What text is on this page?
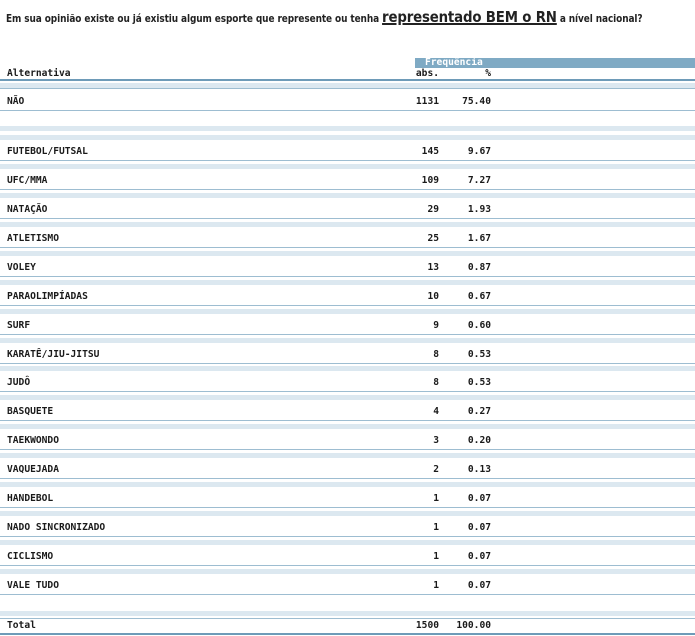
Em sua opinião existe ou já existiu algum esporte que represente ou tenha representado BEM o RN a nível nacional?
Frequência
Alternativa	abs.	%
NÃO	1131 75.40
FUTEBOL/FUTSAL	145	9.67
UFC/MMA	109	7.27
NATAÇÃO	29	1.93
ATLETISMO	25	1.67
VOLEY	13	0.87
PARAOLIMPÍADAS	10	0.67
SURF	9	0.60
KARATÊ/JIU-JITSU	8	0.53
JUDÔ	8	0.53
BASQUETE	4	0.27
TAEKWONDO	3	0.20
VAQUEJADA	2	0.13
HANDEBOL	1	0.07
NADO SINCRONIZADO	1	0.07
CICLISMO	1	0.07
VALE TUDO	1	0.07
Total	1500 100.00
